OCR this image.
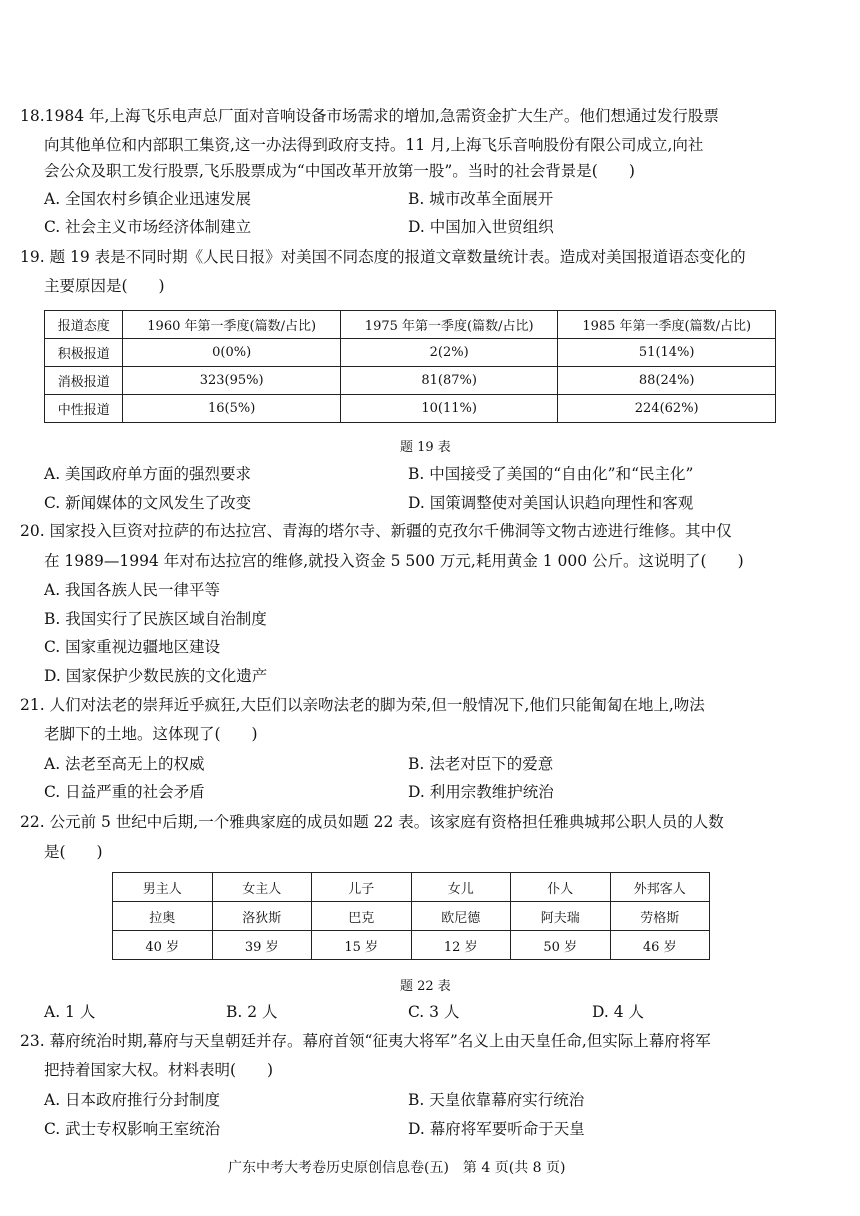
18.1984 年,上海飞乐电声总厂面对音响设备市场需求的增加,急需资金扩大生产。他们想通过发行股票
向其他单位和内部职工集资,这一办法得到政府支持。11 月,上海飞乐音响股份有限公司成立,向社
会公众及职工发行股票,飞乐股票成为“中国改革开放第一股”。当时的社会背景是(　　)
A. 全国农村乡镇企业迅速发展	B. 城市改革全面展开
C. 社会主义市场经济体制建立	D. 中国加入世贸组织
19. 题 19 表是不同时期《人民日报》对美国不同态度的报道文章数量统计表。造成对美国报道语态变化的
主要原因是(　　)
报道态度	1960 年第一季度(篇数/占比)	1975 年第一季度(篇数/占比)	1985 年第一季度(篇数/占比)
积极报道	0(0%)	2(2%)	51(14%)
消极报道	323(95%)	81(87%)	88(24%)
中性报道	16(5%)	10(11%)	224(62%)
题 19 表
A. 美国政府单方面的强烈要求	B. 中国接受了美国的“自由化”和“民主化”
C. 新闻媒体的文风发生了改变	D. 国策调整使对美国认识趋向理性和客观
20. 国家投入巨资对拉萨的布达拉宫、青海的塔尔寺、新疆的克孜尔千佛洞等文物古迹进行维修。其中仅
在 1989—1994 年对布达拉宫的维修,就投入资金 5 500 万元,耗用黄金 1 000 公斤。这说明了(　　)
A. 我国各族人民一律平等
B. 我国实行了民族区域自治制度
C. 国家重视边疆地区建设
D. 国家保护少数民族的文化遗产
21. 人们对法老的崇拜近乎疯狂,大臣们以亲吻法老的脚为荣,但一般情况下,他们只能匍匐在地上,吻法
老脚下的土地。这体现了(　　)
A. 法老至高无上的权威	B. 法老对臣下的爱意
C. 日益严重的社会矛盾	D. 利用宗教维护统治
22. 公元前 5 世纪中后期,一个雅典家庭的成员如题 22 表。该家庭有资格担任雅典城邦公职人员的人数
是(　　)
男主人	女主人	儿子	女儿	仆人	外邦客人
拉奥	洛狄斯	巴克	欧尼德	阿夫瑞	劳格斯
40 岁	39 岁	15 岁	12 岁	50 岁	46 岁
题 22 表
A. 1 人	B. 2 人	C. 3 人	D. 4 人
23. 幕府统治时期,幕府与天皇朝廷并存。幕府首领“征夷大将军”名义上由天皇任命,但实际上幕府将军
把持着国家大权。材料表明(　　)
A. 日本政府推行分封制度	B. 天皇依靠幕府实行统治
C. 武士专权影响王室统治	D. 幕府将军要听命于天皇
广东中考大考卷历史原创信息卷(五)　第 4 页(共 8 页)
